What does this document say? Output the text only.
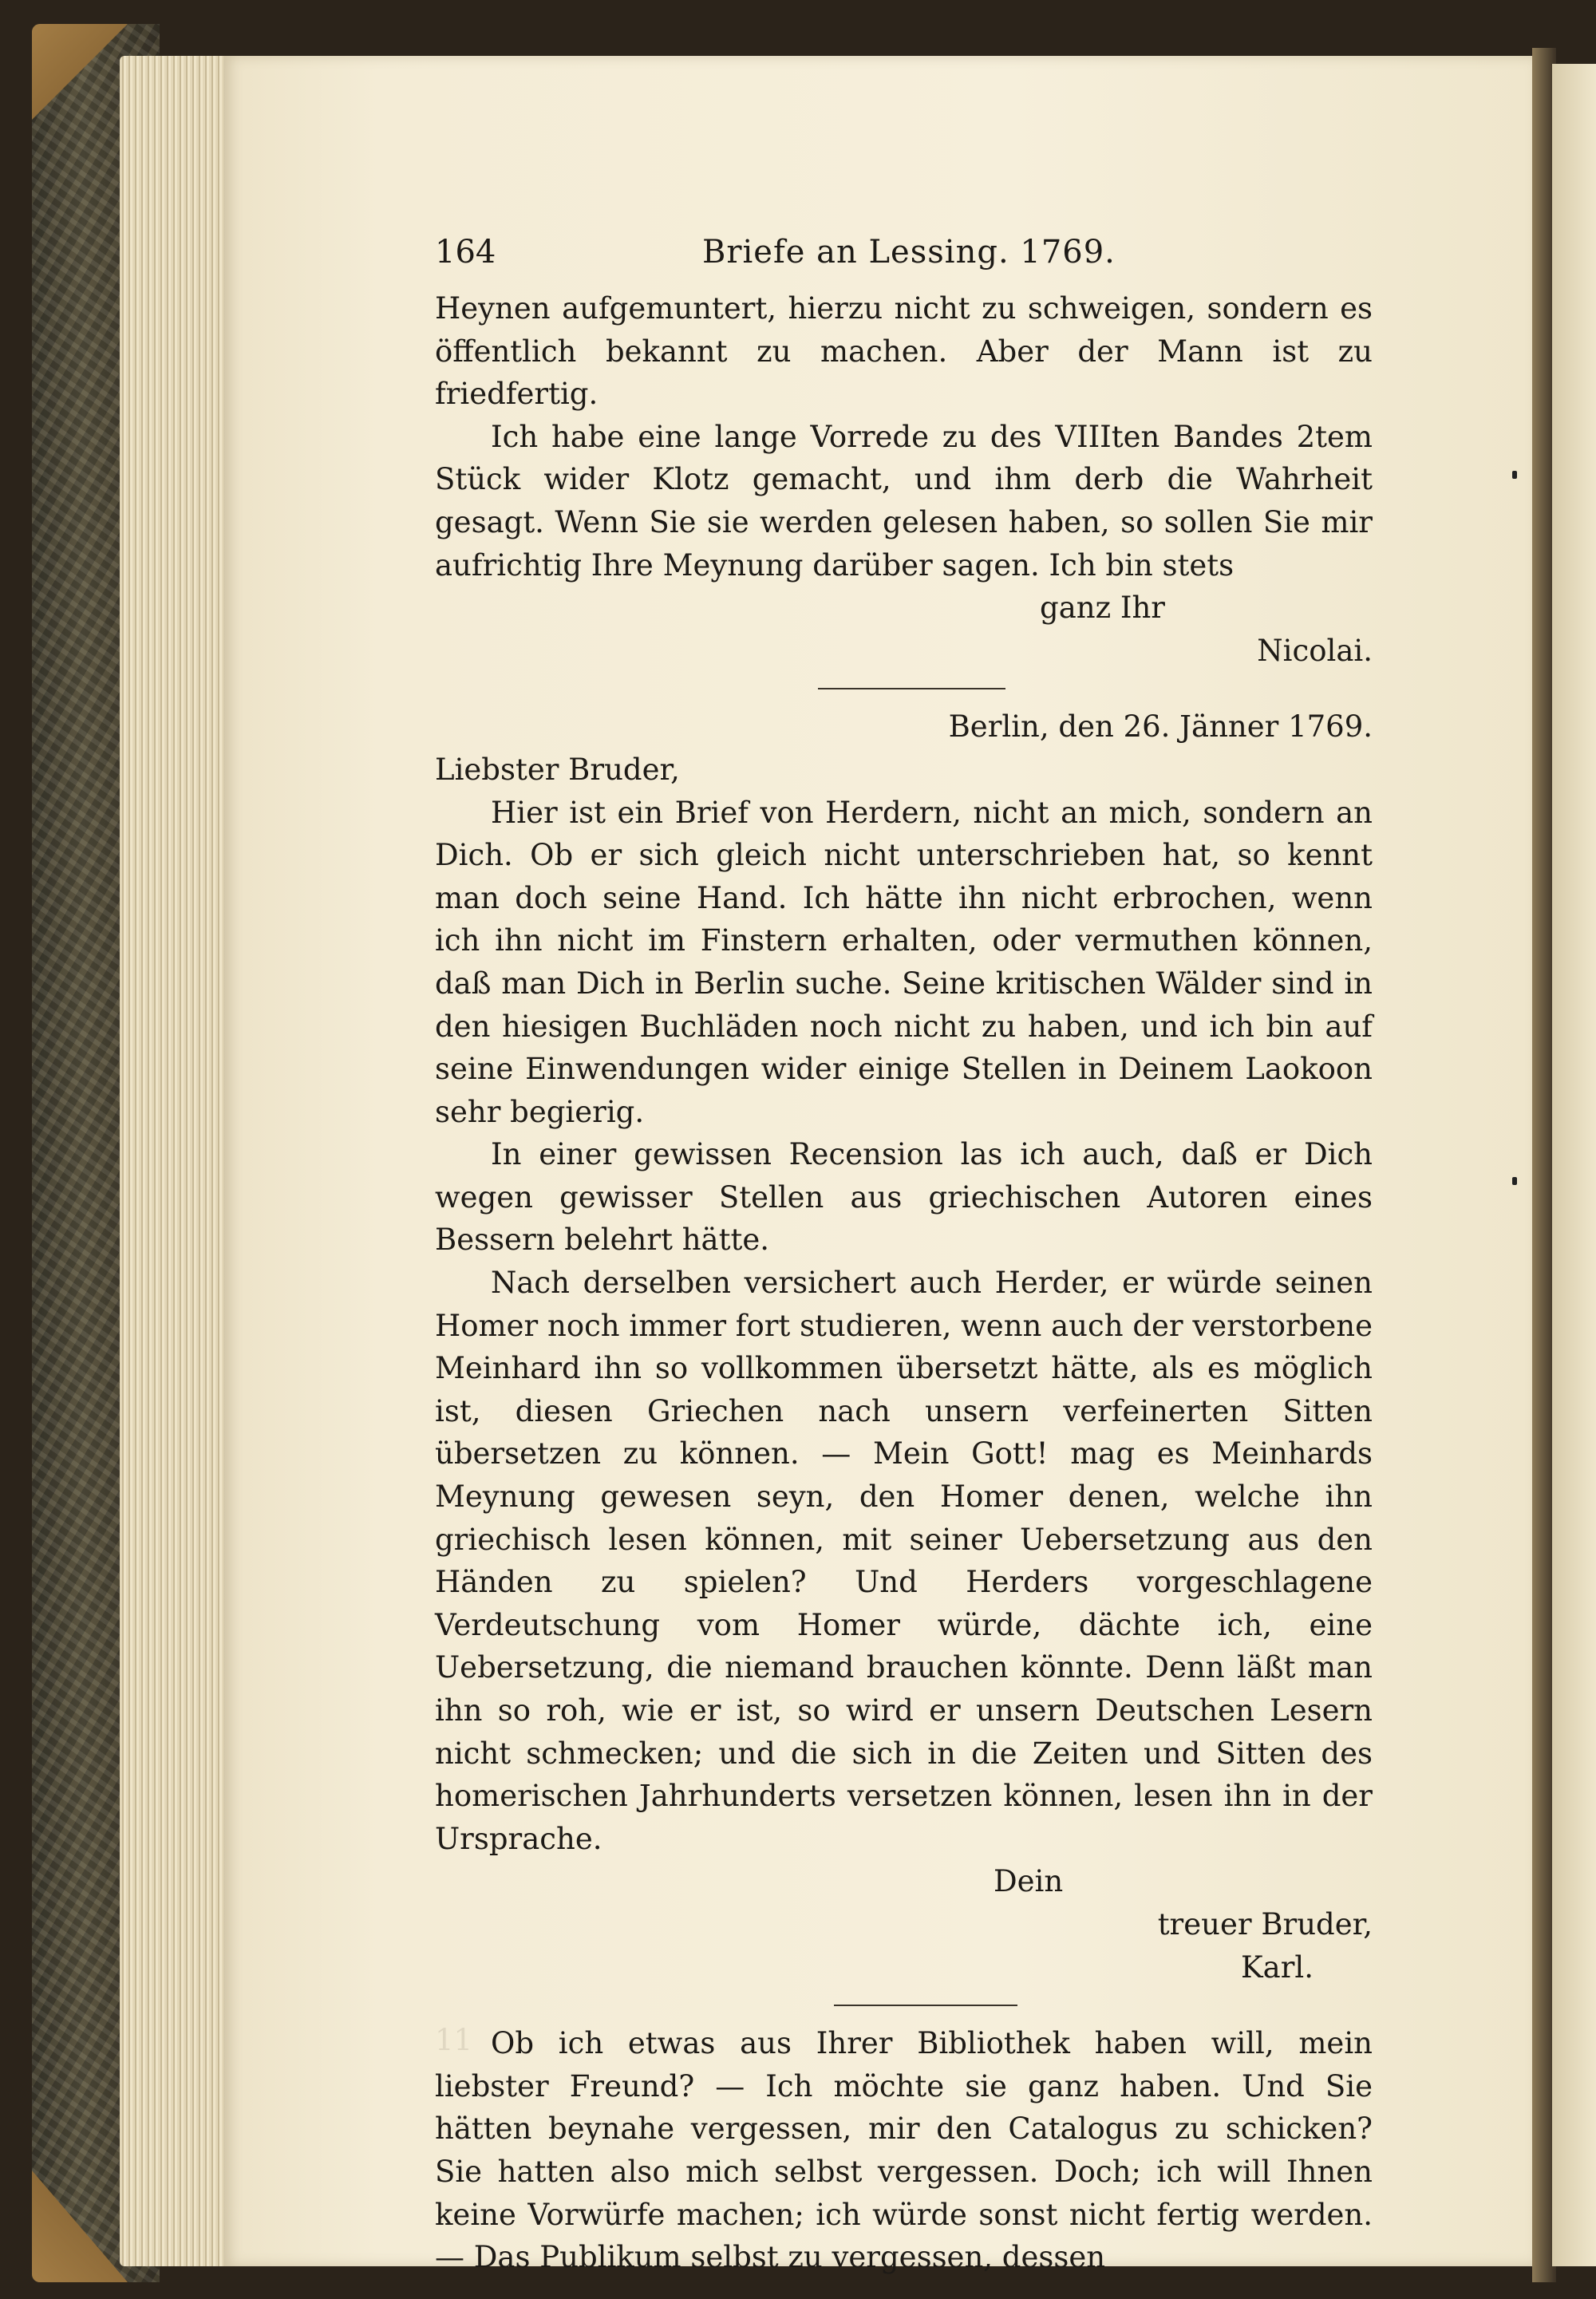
11
164	Briefe an Lessing. 1769.

Heynen aufgemuntert, hierzu nicht zu schweigen, sondern es öffentlich bekannt zu machen. Aber der Mann ist zu friedfertig.

Ich habe eine lange Vorrede zu des VIIIten Bandes 2tem Stück wider Klotz gemacht, und ihm derb die Wahrheit gesagt. Wenn Sie sie werden gelesen haben, so sollen Sie mir aufrichtig Ihre Meynung darüber sagen. Ich bin stets

ganz Ihr

Nicolai.

Berlin, den 26. Jänner 1769.

Liebster Bruder,

Hier ist ein Brief von Herdern, nicht an mich, sondern an Dich. Ob er sich gleich nicht unterschrieben hat, so kennt man doch seine Hand. Ich hätte ihn nicht erbrochen, wenn ich ihn nicht im Finstern erhalten, oder vermuthen können, daß man Dich in Berlin suche. Seine kritischen Wälder sind in den hiesigen Buchläden noch nicht zu haben, und ich bin auf seine Einwendungen wider einige Stellen in Deinem Laokoon sehr begierig.

In einer gewissen Recension las ich auch, daß er Dich wegen gewisser Stellen aus griechischen Autoren eines Bessern belehrt hätte.

Nach derselben versichert auch Herder, er würde seinen Homer noch immer fort studieren, wenn auch der verstorbene Meinhard ihn so vollkommen übersetzt hätte, als es möglich ist, diesen Griechen nach unsern verfeinerten Sitten übersetzen zu können. — Mein Gott! mag es Meinhards Meynung gewesen seyn, den Homer denen, welche ihn griechisch lesen können, mit seiner Uebersetzung aus den Händen zu spielen? Und Herders vorgeschlagene Verdeutschung vom Homer würde, dächte ich, eine Uebersetzung, die niemand brauchen könnte. Denn läßt man ihn so roh, wie er ist, so wird er unsern Deutschen Lesern nicht schmecken; und die sich in die Zeiten und Sitten des homerischen Jahrhunderts versetzen können, lesen ihn in der Ursprache.

Dein

treuer Bruder,

Karl.

Ob ich etwas aus Ihrer Bibliothek haben will, mein liebster Freund? — Ich möchte sie ganz haben. Und Sie hätten beynahe vergessen, mir den Catalogus zu schicken? Sie hatten also mich selbst vergessen. Doch; ich will Ihnen keine Vorwürfe machen; ich würde sonst nicht fertig werden. — Das Publikum selbst zu vergessen, dessen
